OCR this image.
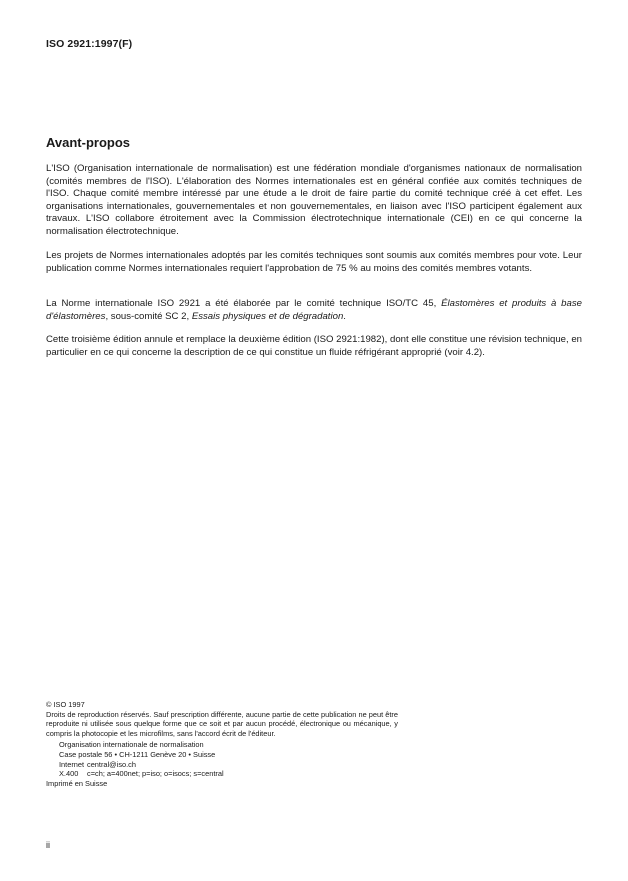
ISO 2921:1997(F)
Avant-propos

L'ISO (Organisation internationale de normalisation) est une fédération mondiale d'organismes nationaux de normalisation (comités membres de l'ISO). L'élaboration des Normes internationales est en général confiée aux comités techniques de l'ISO. Chaque comité membre intéressé par une étude a le droit de faire partie du comité technique créé à cet effet. Les organisations internationales, gouvernementales et non gouvernementales, en liaison avec l'ISO participent également aux travaux. L'ISO collabore étroitement avec la Commission électrotechnique internationale (CEI) en ce qui concerne la normalisation électrotechnique.

Les projets de Normes internationales adoptés par les comités techniques sont soumis aux comités membres pour vote. Leur publication comme Normes internationales requiert l'approbation de 75 % au moins des comités membres votants.

La Norme internationale ISO 2921 a été élaborée par le comité technique ISO/TC 45, Élastomères et produits à base d'élastomères, sous-comité SC 2, Essais physiques et de dégradation.

Cette troisième édition annule et remplace la deuxième édition (ISO 2921:1982), dont elle constitue une révision technique, en particulier en ce qui concerne la description de ce qui constitue un fluide réfrigérant approprié (voir 4.2).

© ISO 1997

Droits de reproduction réservés. Sauf prescription différente, aucune partie de cette publication ne peut être reproduite ni utilisée sous quelque forme que ce soit et par aucun procédé, électronique ou mécanique, y compris la photocopie et les microfilms, sans l'accord écrit de l'éditeur.

Organisation internationale de normalisation

Case postale 56 • CH-1211 Genève 20 • Suisse

Internet central@iso.ch
X.400	c=ch; a=400net; p=iso; o=isocs; s=central

Imprimé en Suisse

ii
